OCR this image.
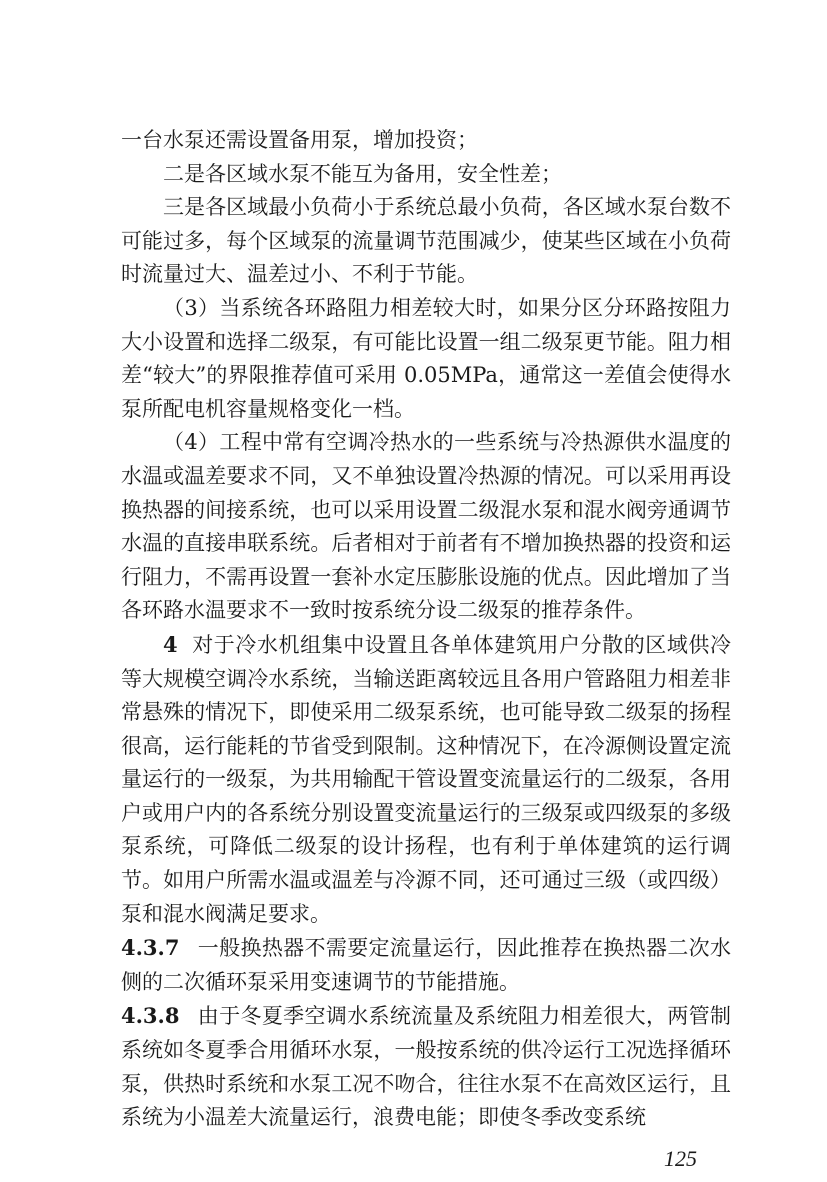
一台水泵还需设置备用泵，增加投资；

二是各区域水泵不能互为备用，安全性差；

三是各区域最小负荷小于系统总最小负荷，各区域水泵台数不可能过多，每个区域泵的流量调节范围减少，使某些区域在小负荷时流量过大、温差过小、不利于节能。

（3）当系统各环路阻力相差较大时，如果分区分环路按阻力大小设置和选择二级泵，有可能比设置一组二级泵更节能。阻力相差“较大”的界限推荐值可采用 0.05MPa，通常这一差值会使得水泵所配电机容量规格变化一档。

（4）工程中常有空调冷热水的一些系统与冷热源供水温度的水温或温差要求不同，又不单独设置冷热源的情况。可以采用再设换热器的间接系统，也可以采用设置二级混水泵和混水阀旁通调节水温的直接串联系统。后者相对于前者有不增加换热器的投资和运行阻力，不需再设置一套补水定压膨胀设施的优点。因此增加了当各环路水温要求不一致时按系统分设二级泵的推荐条件。

4 对于冷水机组集中设置且各单体建筑用户分散的区域供冷等大规模空调冷水系统，当输送距离较远且各用户管路阻力相差非常悬殊的情况下，即使采用二级泵系统，也可能导致二级泵的扬程很高，运行能耗的节省受到限制。这种情况下，在冷源侧设置定流量运行的一级泵，为共用输配干管设置变流量运行的二级泵，各用户或用户内的各系统分别设置变流量运行的三级泵或四级泵的多级泵系统，可降低二级泵的设计扬程，也有利于单体建筑的运行调节。如用户所需水温或温差与冷源不同，还可通过三级（或四级）泵和混水阀满足要求。

4.3.7 一般换热器不需要定流量运行，因此推荐在换热器二次水侧的二次循环泵采用变速调节的节能措施。

4.3.8 由于冬夏季空调水系统流量及系统阻力相差很大，两管制系统如冬夏季合用循环水泵，一般按系统的供冷运行工况选择循环泵，供热时系统和水泵工况不吻合，往往水泵不在高效区运行，且系统为小温差大流量运行，浪费电能；即使冬季改变系统

125
